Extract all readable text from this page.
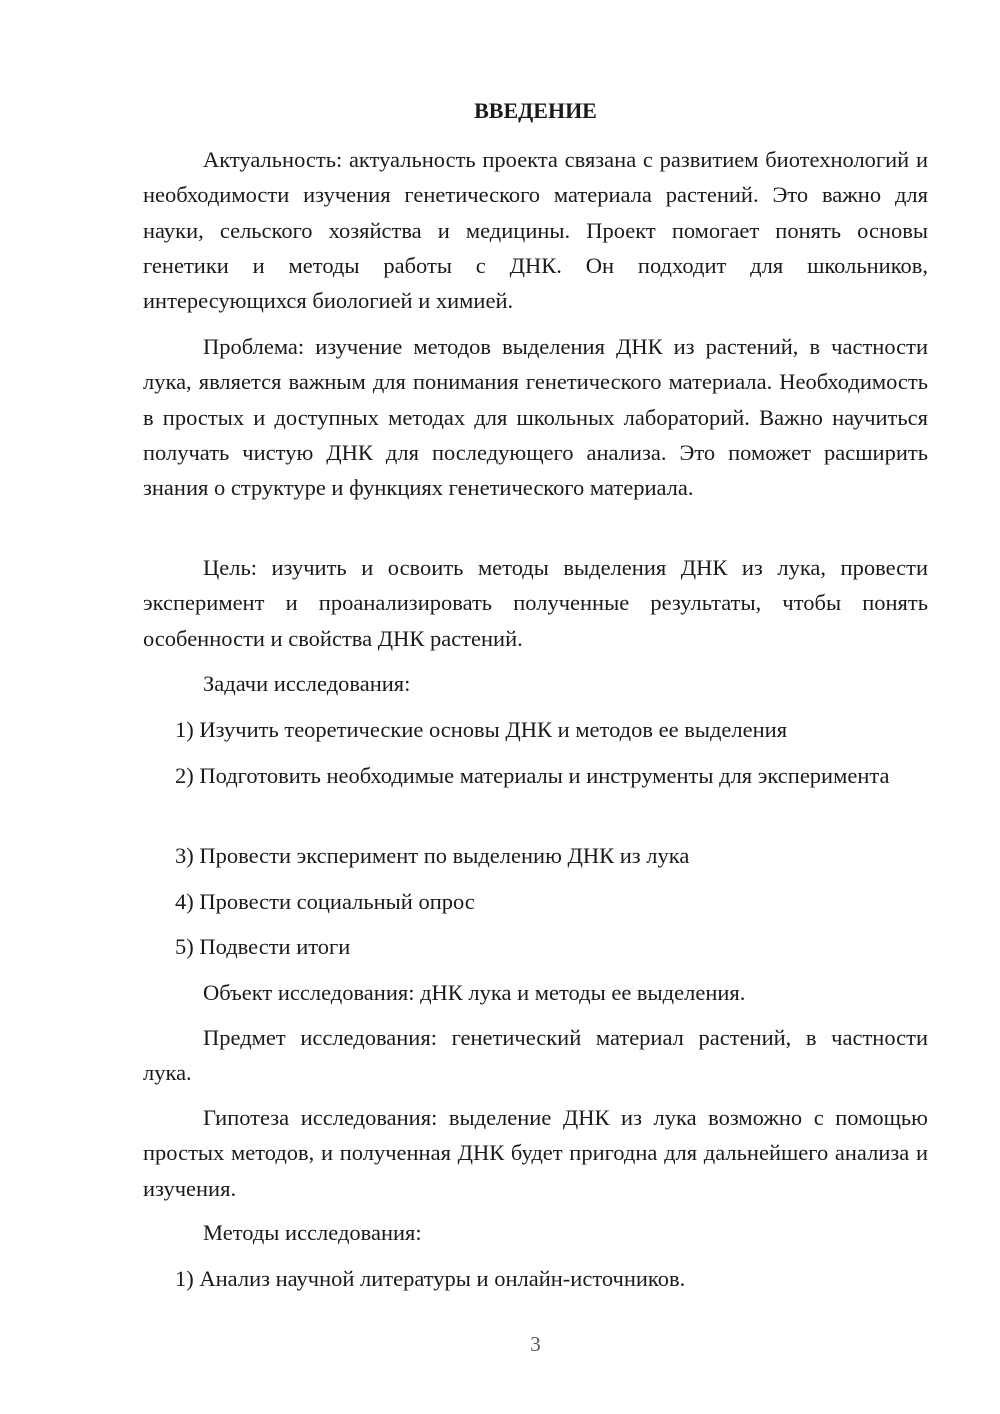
ВВЕДЕНИЕ

Актуальность: актуальность проекта связана с развитием биотехнологий и необходимости изучения генетического материала растений. Это важно для науки, сельского хозяйства и медицины. Проект помогает понять основы генетики и методы работы с ДНК. Он подходит для школьников, интересующихся биологией и химией.

Проблема: изучение методов выделения ДНК из растений, в частности лука, является важным для понимания генетического материала. Необходимость в простых и доступных методах для школьных лабораторий. Важно научиться получать чистую ДНК для последующего анализа. Это поможет расширить знания о структуре и функциях генетического материала.

Цель: изучить и освоить методы выделения ДНК из лука, провести эксперимент и проанализировать полученные результаты, чтобы понять особенности и свойства ДНК растений.

Задачи исследования:

1) Изучить теоретические основы ДНК и методов ее выделения

2) Подготовить необходимые материалы и инструменты для эксперимента

3) Провести эксперимент по выделению ДНК из лука

4) Провести социальный опрос

5) Подвести итоги

Объект исследования: дНК лука и методы ее выделения.

Предмет исследования: генетический материал растений, в частности лука.

Гипотеза исследования: выделение ДНК из лука возможно с помощью простых методов, и полученная ДНК будет пригодна для дальнейшего анализа и изучения.

Методы исследования:

1) Анализ научной литературы и онлайн-источников.

3
